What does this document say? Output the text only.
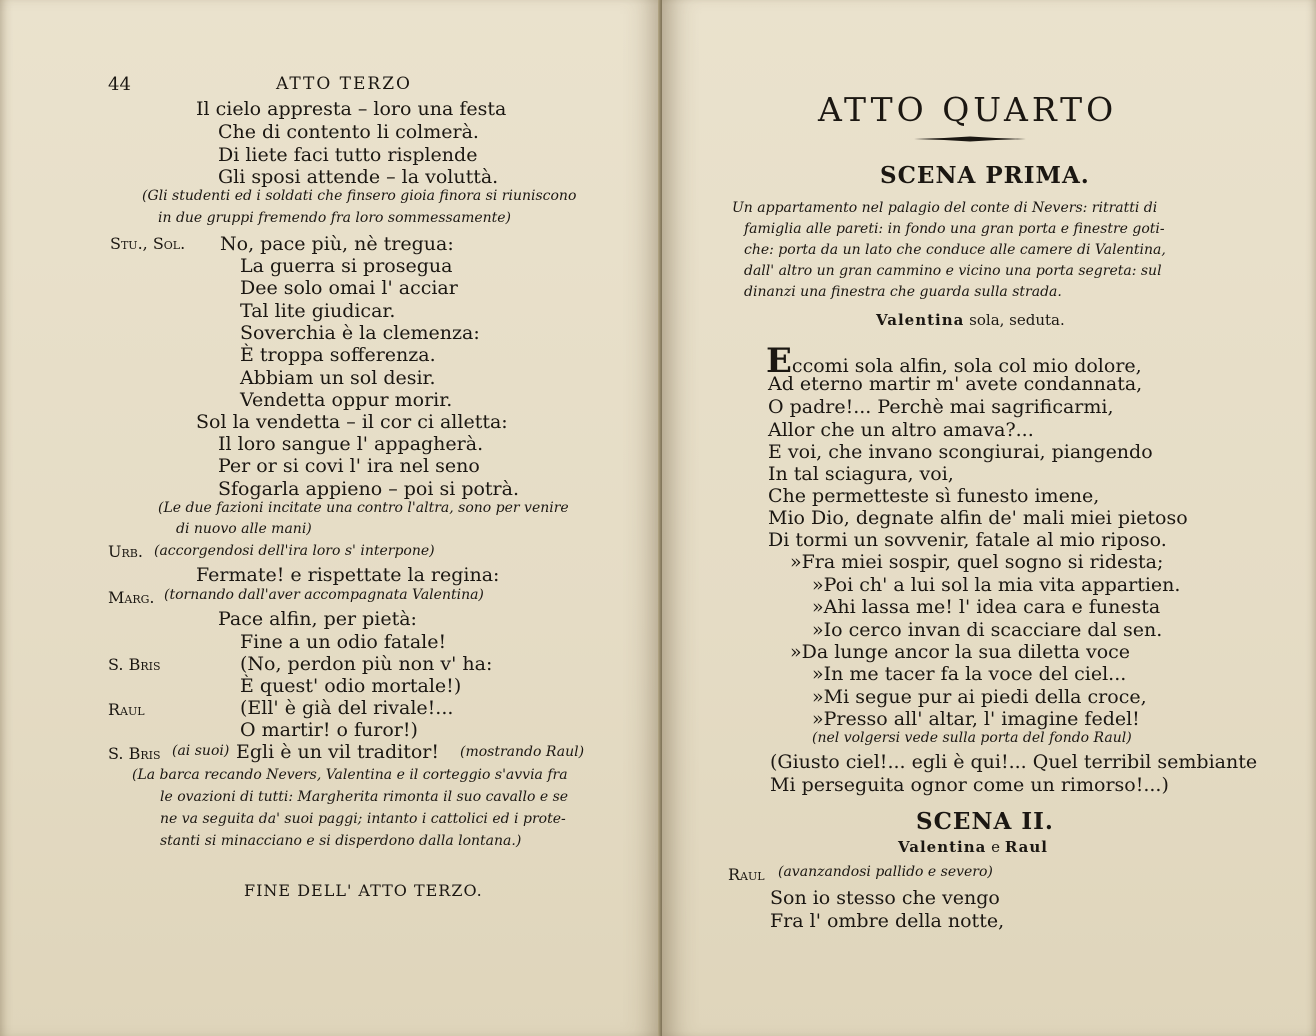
44	ATTO TERZO
Il cielo appresta – loro una festa
Che di contento li colmerà.
Di liete faci tutto risplende
Gli sposi attende – la voluttà.
(Gli studenti ed i soldati che finsero gioia finora si riuniscono
in due gruppi fremendo fra loro sommessamente)
Stu., Sol. No, pace più, nè tregua:
La guerra si prosegua
Dee solo omai l' acciar
Tal lite giudicar.
Soverchia è la clemenza:
È troppa sofferenza.
Abbiam un sol desir.
Vendetta oppur morir.
Sol la vendetta – il cor ci alletta:
Il loro sangue l' appagherà.
Per or si covi l' ira nel seno
Sfogarla appieno – poi si potrà.
(Le due fazioni incitate una contro l'altra, sono per venire
di nuovo alle mani)
Urb. (accorgendosi dell'ira loro s' interpone)
Fermate! e rispettate la regina:
Marg. (tornando dall'aver accompagnata Valentina)
Pace alfin, per pietà:
Fine a un odio fatale!
S. Bris	(No, perdon più non v' ha:
È quest' odio mortale!)
Raul	(Ell' è già del rivale!...
O martir! o furor!)
S. Bris (ai suoi) Egli è un vil traditor! (mostrando Raul)
(La barca recando Nevers, Valentina e il corteggio s'avvia fra
le ovazioni di tutti: Margherita rimonta il suo cavallo e se
ne va seguita da' suoi paggi; intanto i cattolici ed i prote-
stanti si minacciano e si disperdono dalla lontana.)
FINE DELL' ATTO TERZO.
ATTO QUARTO
SCENA PRIMA.
Un appartamento nel palagio del conte di Nevers: ritratti di
famiglia alle pareti: in fondo una gran porta e finestre goti-
che: porta da un lato che conduce alle camere di Valentina,
dall' altro un gran cammino e vicino una porta segreta: sul
dinanzi una finestra che guarda sulla strada.
Valentina sola, seduta.
Eccomi sola alfin, sola col mio dolore,
Ad eterno martir m' avete condannata,
O padre!... Perchè mai sagrificarmi,
Allor che un altro amava?...
E voi, che invano scongiurai, piangendo
In tal sciagura, voi,
Che permetteste sì funesto imene,
Mio Dio, degnate alfin de' mali miei pietoso
Di tormi un sovvenir, fatale al mio riposo.
»Fra miei sospir, quel sogno si ridesta;
»Poi ch' a lui sol la mia vita appartien.
»Ahi lassa me! l' idea cara e funesta
»Io cerco invan di scacciare dal sen.
»Da lunge ancor la sua diletta voce
»In me tacer fa la voce del ciel...
»Mi segue pur ai piedi della croce,
»Presso all' altar, l' imagine fedel!
(nel volgersi vede sulla porta del fondo Raul)
(Giusto ciel!... egli è qui!... Quel terribil sembiante
Mi perseguita ognor come un rimorso!...)
SCENA II.
Valentina e Raul
Raul (avanzandosi pallido e severo)
Son io stesso che vengo
Fra l' ombre della notte,
